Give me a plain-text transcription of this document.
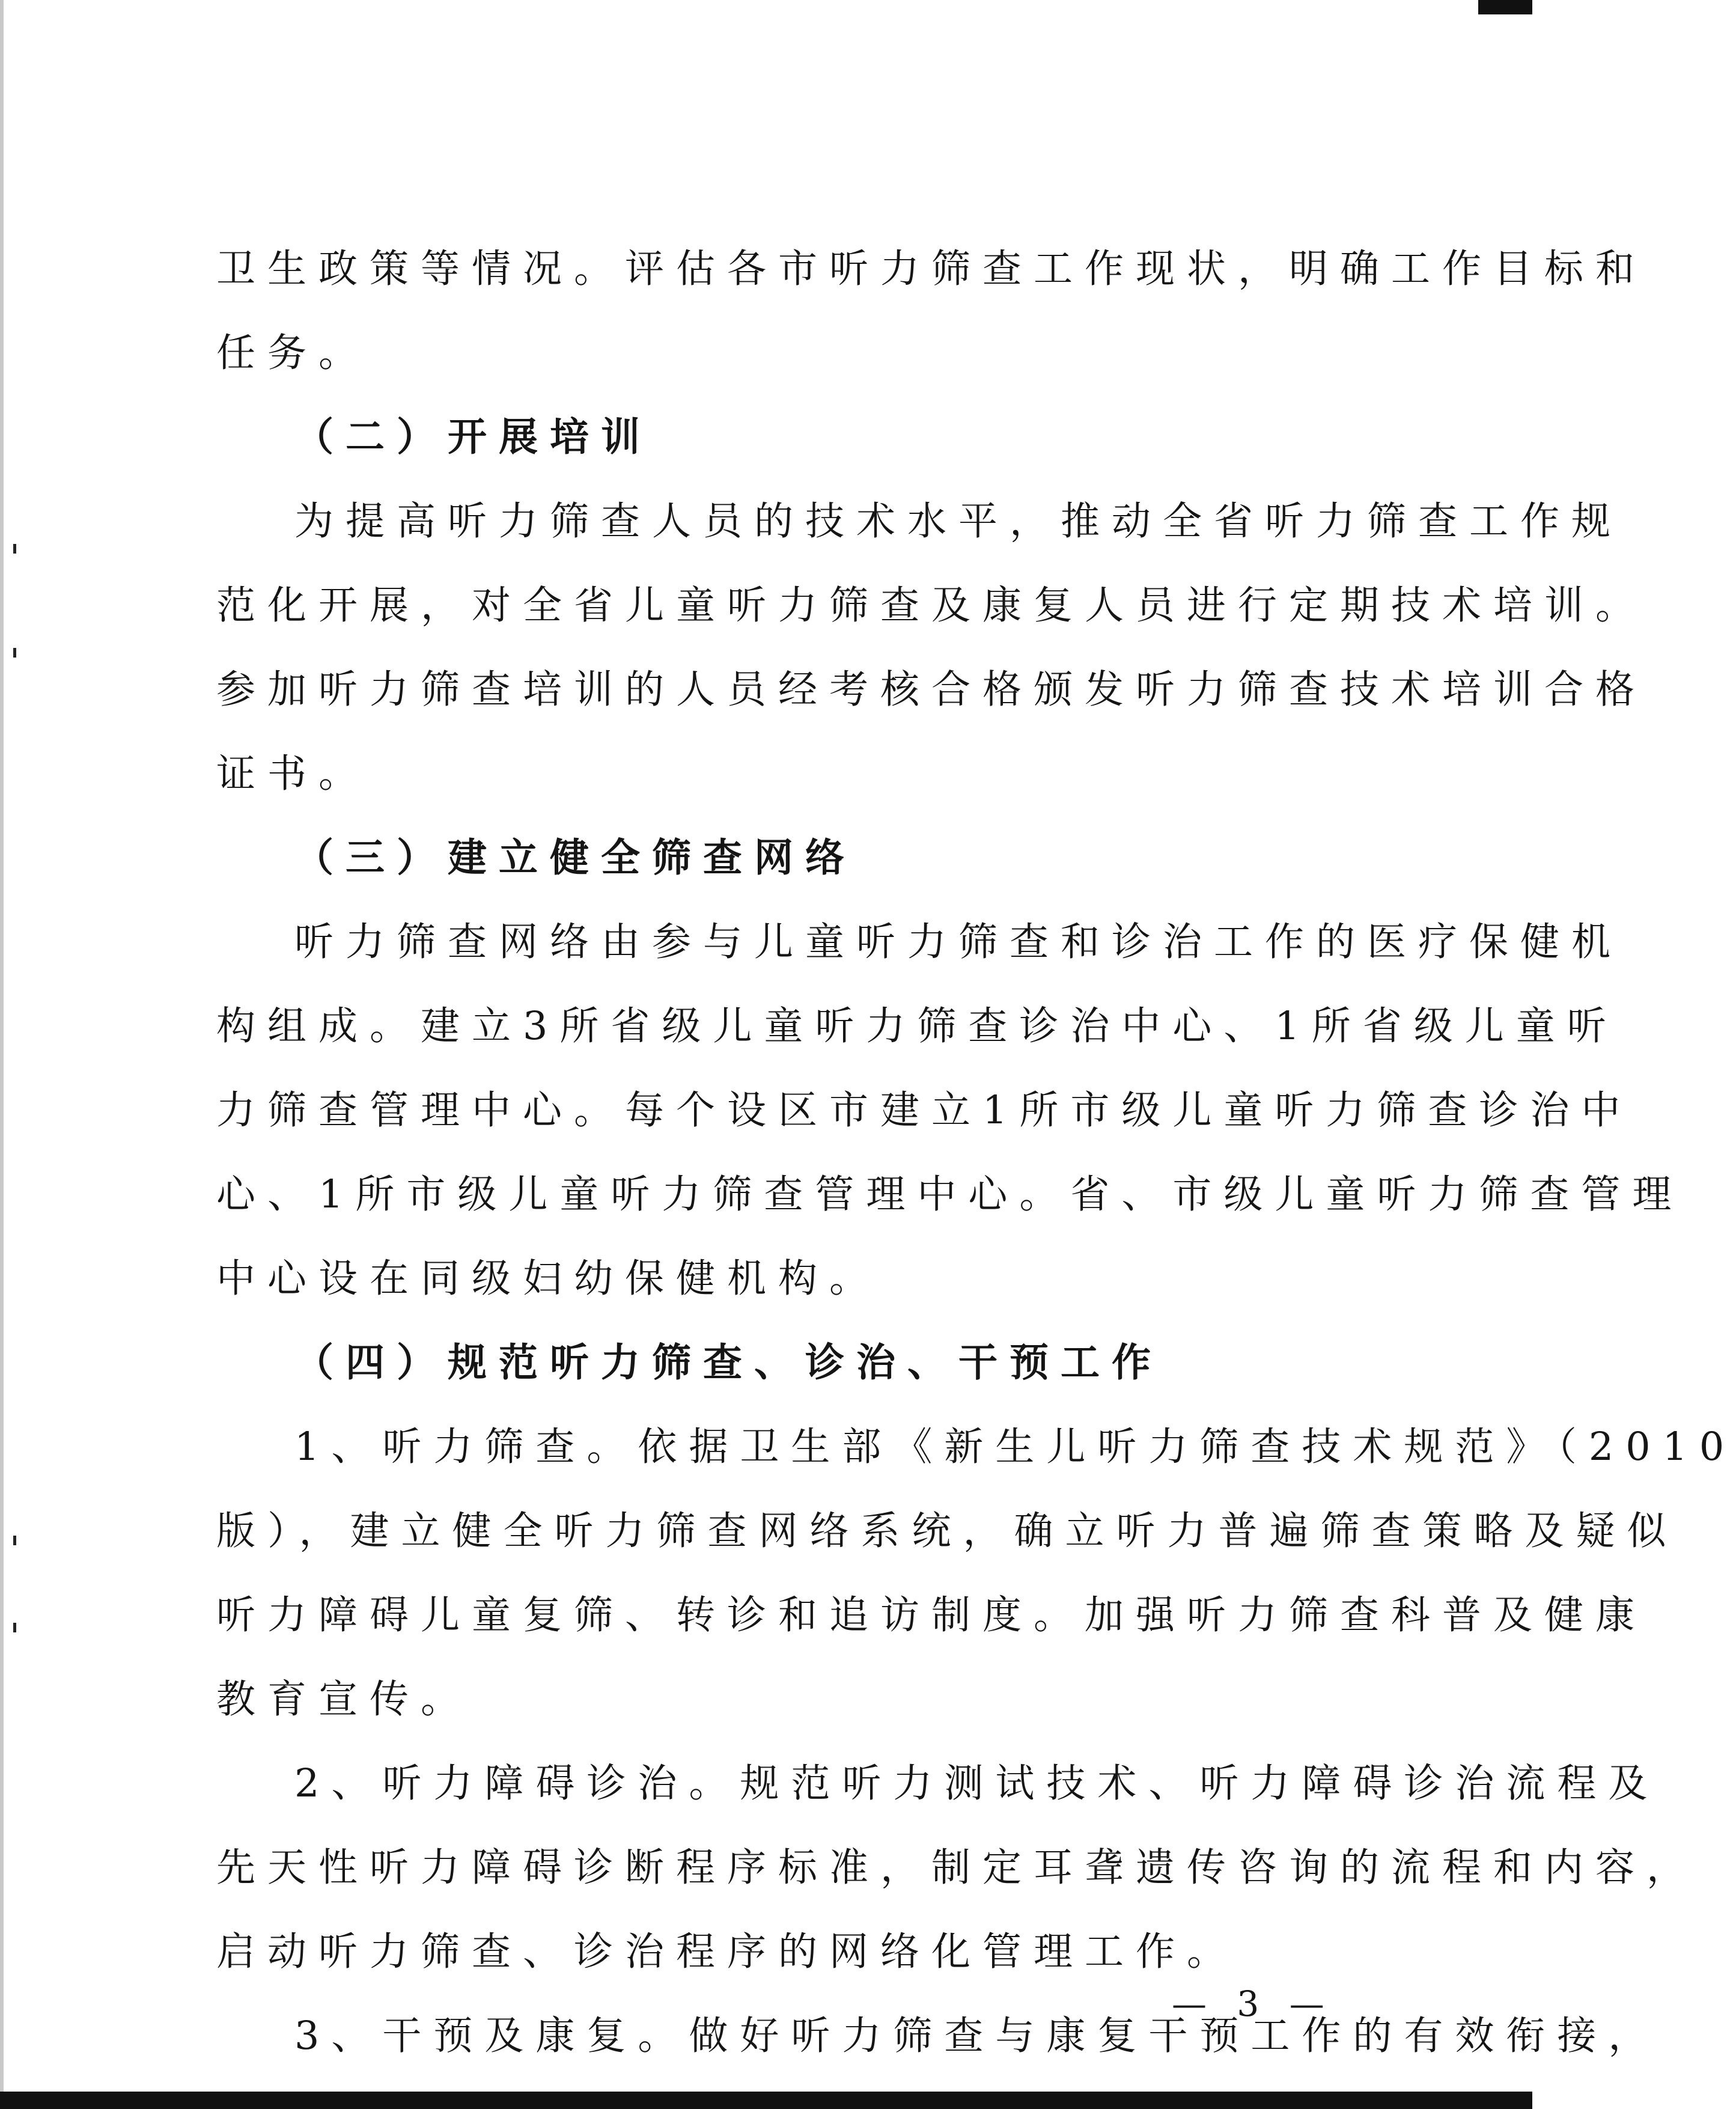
卫生政策等情况。评估各市听力筛查工作现状，明确工作目标和
任务。
（二）开展培训
为提高听力筛查人员的技术水平，推动全省听力筛查工作规
范化开展，对全省儿童听力筛查及康复人员进行定期技术培训。
参加听力筛查培训的人员经考核合格颁发听力筛查技术培训合格
证书。
（三）建立健全筛查网络
听力筛查网络由参与儿童听力筛查和诊治工作的医疗保健机
构组成。建立3所省级儿童听力筛查诊治中心、1所省级儿童听
力筛查管理中心。每个设区市建立1所市级儿童听力筛查诊治中
心、1所市级儿童听力筛查管理中心。省、市级儿童听力筛查管理
中心设在同级妇幼保健机构。
（四）规范听力筛查、诊治、干预工作
1、听力筛查。依据卫生部《新生儿听力筛查技术规范》（2010
版），建立健全听力筛查网络系统，确立听力普遍筛查策略及疑似
听力障碍儿童复筛、转诊和追访制度。加强听力筛查科普及健康
教育宣传。
2、听力障碍诊治。规范听力测试技术、听力障碍诊治流程及
先天性听力障碍诊断程序标准，制定耳聋遗传咨询的流程和内容，
启动听力筛查、诊治程序的网络化管理工作。
3、干预及康复。做好听力筛查与康复干预工作的有效衔接，
— 3 —
